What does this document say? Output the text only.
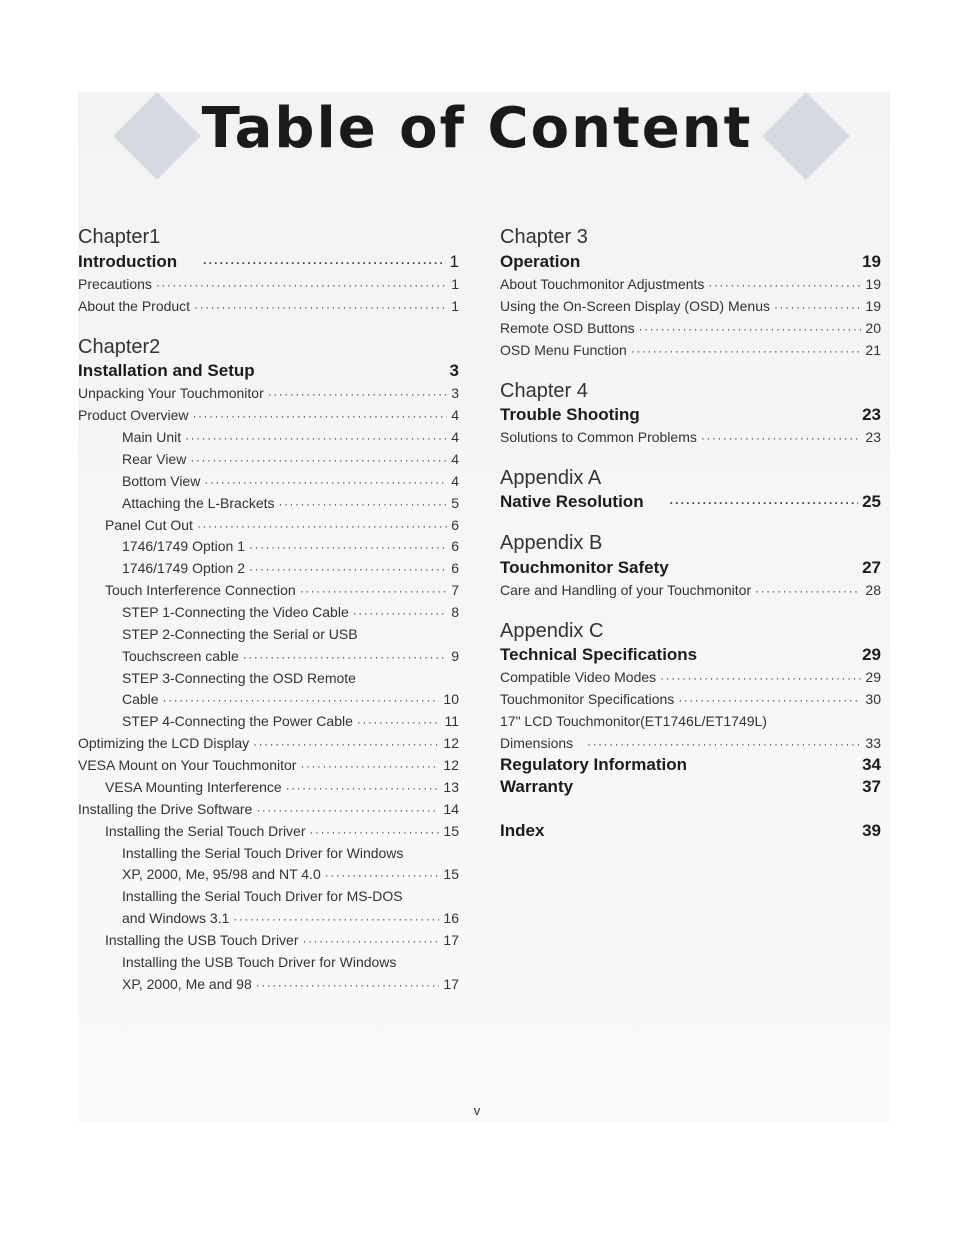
Table of Content
Chapter1
Introduction ·····	1
Precautions ·····	1
About the Product ·····	1
Chapter2
Installation and Setup	3
Unpacking Your Touchmonitor ·····	3
Product Overview ·····	4
Main Unit ·····	4
Rear View ·····	4
Bottom View ·····	4
Attaching the L-Brackets ·····	5
Panel Cut Out ·····	6
1746/1749 Option 1 ·····	6
1746/1749 Option 2 ·····	6
Touch Interference Connection ·····	7
STEP 1-Connecting the Video Cable ·····	8
STEP 2-Connecting the Serial or USB
Touchscreen cable ·····	9
STEP 3-Connecting the OSD Remote
Cable ·····	10
STEP 4-Connecting the Power Cable ·····	11
Optimizing the LCD Display ·····	12
VESA Mount on Your Touchmonitor ·····	12
VESA Mounting Interference ·····	13
Installing the Drive Software ·····	14
Installing the Serial Touch Driver ·····	15
Installing the Serial Touch Driver for Windows
XP, 2000, Me, 95/98 and NT 4.0 ·····	15
Installing the Serial Touch Driver for MS-DOS
and Windows 3.1 ·····	16
Installing the USB Touch Driver ·····	17
Installing the USB Touch Driver for Windows
XP, 2000, Me and 98 ·····	17
Chapter 3
Operation	19
About Touchmonitor Adjustments ·····	19
Using the On-Screen Display (OSD) Menus ·····	19
Remote OSD Buttons ·····	20
OSD Menu Function ·····	21
Chapter 4
Trouble Shooting	23
Solutions to Common Problems ·····	23
Appendix A
Native Resolution ·····	25
Appendix B
Touchmonitor Safety	27
Care and Handling of your Touchmonitor ·····	28
Appendix C
Technical Specifications	29
Compatible Video Modes ·····	29
Touchmonitor Specifications ·····	30
17" LCD Touchmonitor(ET1746L/ET1749L)
Dimensions ·····	33
Regulatory Information	34
Warranty	37
Index	39
v
